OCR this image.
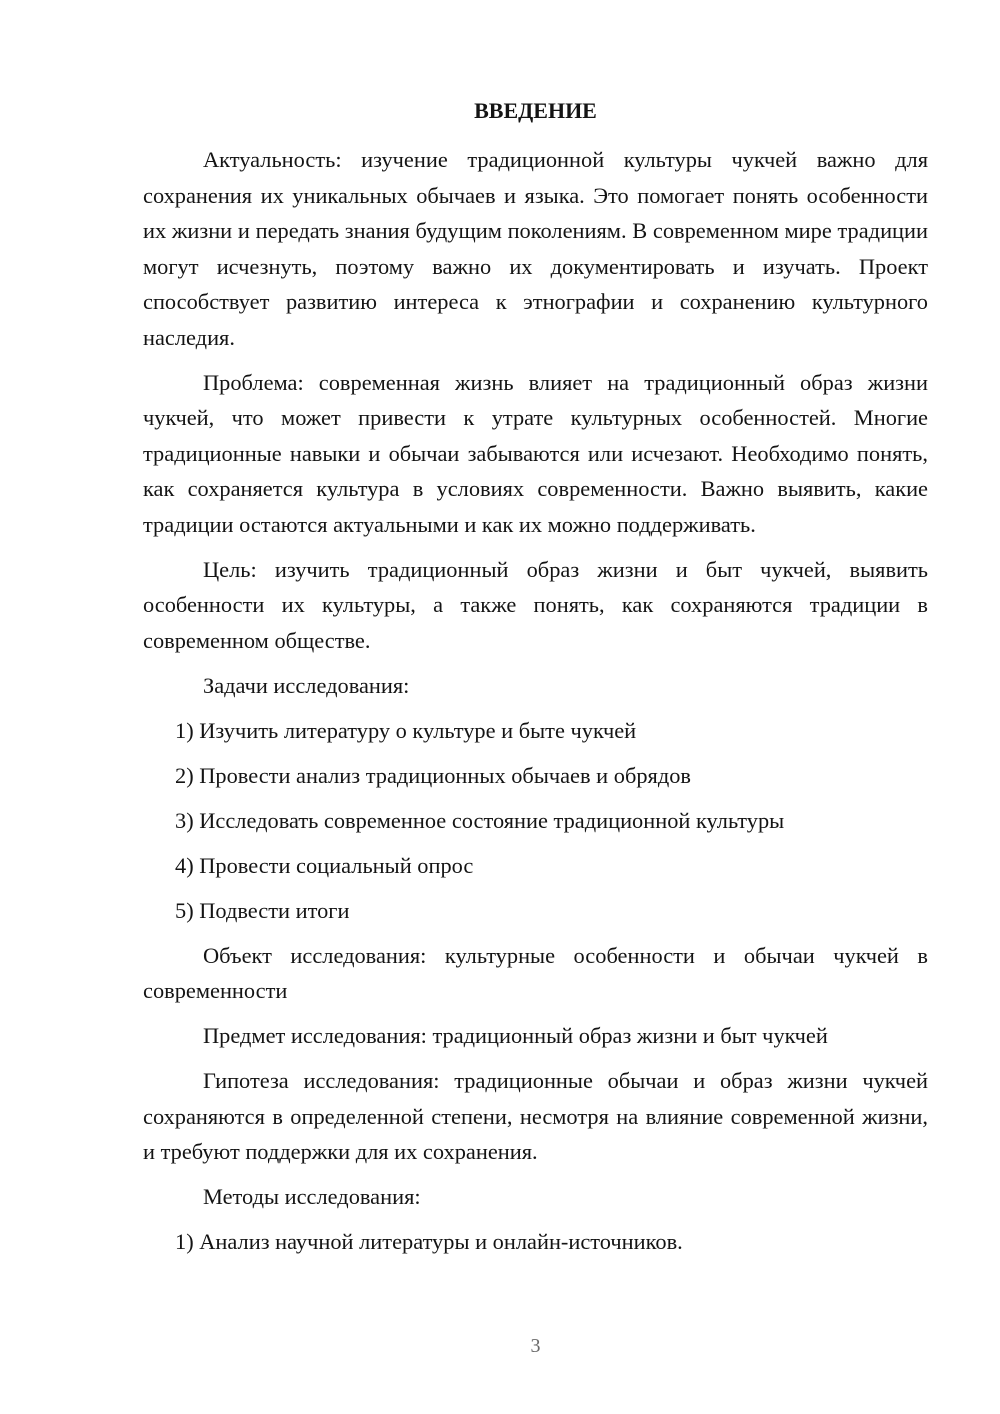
ВВЕДЕНИЕ

Актуальность: изучение традиционной культуры чукчей важно для сохранения их уникальных обычаев и языка. Это помогает понять особенности их жизни и передать знания будущим поколениям. В современном мире традиции могут исчезнуть, поэтому важно их документировать и изучать. Проект способствует развитию интереса к этнографии и сохранению культурного наследия.

Проблема: современная жизнь влияет на традиционный образ жизни чукчей, что может привести к утрате культурных особенностей. Многие традиционные навыки и обычаи забываются или исчезают. Необходимо понять, как сохраняется культура в условиях современности. Важно выявить, какие традиции остаются актуальными и как их можно поддерживать.

Цель: изучить традиционный образ жизни и быт чукчей, выявить особенности их культуры, а также понять, как сохраняются традиции в современном обществе.

Задачи исследования:

1) Изучить литературу о культуре и быте чукчей

2) Провести анализ традиционных обычаев и обрядов

3) Исследовать современное состояние традиционной культуры

4) Провести социальный опрос

5) Подвести итоги

Объект исследования: культурные особенности и обычаи чукчей в современности

Предмет исследования: традиционный образ жизни и быт чукчей

Гипотеза исследования: традиционные обычаи и образ жизни чукчей сохраняются в определенной степени, несмотря на влияние современной жизни, и требуют поддержки для их сохранения.

Методы исследования:

1) Анализ научной литературы и онлайн-источников.

3
